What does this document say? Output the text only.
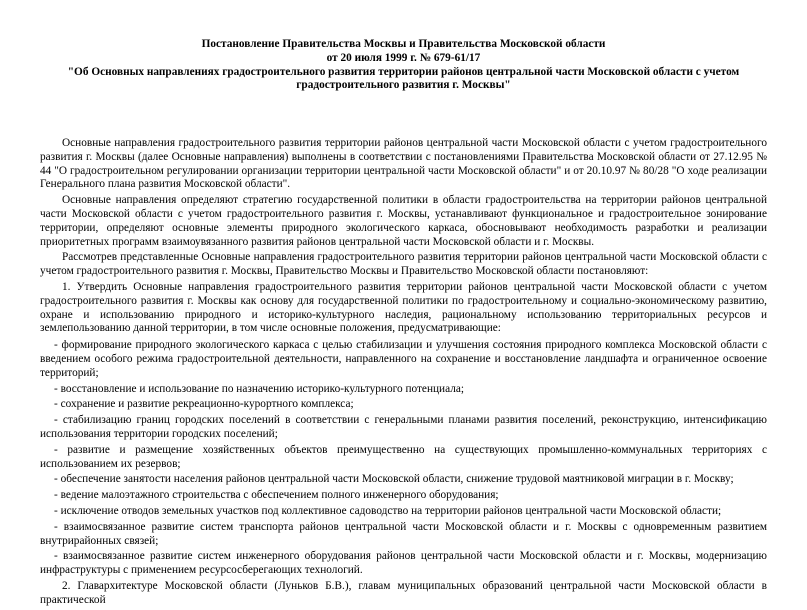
Постановление Правительства Москвы и Правительства Московской области
от 20 июля 1999 г. № 679-61/17
"Об Основных направлениях градостроительного развития территории районов центральной части Московской области с учетом
градостроительного развития г. Москвы"

Основные направления градостроительного развития территории районов центральной части Московской области с учетом градостроительного развития г. Москвы (далее Основные направления) выполнены в соответствии с постановлениями Правительства Московской области от 27.12.95 № 44 "О градостроительном регулировании организации территории центральной части Московской области" и от 20.10.97 № 80/28 "О ходе реализации Генерального плана развития Московской области".

Основные направления определяют стратегию государственной политики в области градостроительства на территории районов центральной части Московской области с учетом градостроительного развития г. Москвы, устанавливают функциональное и градостроительное зонирование территории, определяют основные элементы природного экологического каркаса, обосновывают необходимость разработки и реализации приоритетных программ взаимоувязанного развития районов центральной части Московской области и г. Москвы.

Рассмотрев представленные Основные направления градостроительного развития территории районов центральной части Московской области с учетом градостроительного развития г. Москвы, Правительство Москвы и Правительство Московской области постановляют:

1. Утвердить Основные направления градостроительного развития территории районов центральной части Московской области с учетом градостроительного развития г. Москвы как основу для государственной политики по градостроительному и социально-экономическому развитию, охране и использованию природного и историко-культурного наследия, рациональному использованию территориальных ресурсов и землепользованию данной территории, в том числе основные положения, предусматривающие:

- формирование природного экологического каркаса с целью стабилизации и улучшения состояния природного комплекса Московской области с введением особого режима градостроительной деятельности, направленного на сохранение и восстановление ландшафта и ограниченное освоение территорий;

- восстановление и использование по назначению историко-культурного потенциала;

- сохранение и развитие рекреационно-курортного комплекса;

- стабилизацию границ городских поселений в соответствии с генеральными планами развития поселений, реконструкцию, интенсификацию использования территории городских поселений;

- развитие и размещение хозяйственных объектов преимущественно на существующих промышленно-коммунальных территориях с использованием их резервов;

- обеспечение занятости населения районов центральной части Московской области, снижение трудовой маятниковой миграции в г. Москву;

- ведение малоэтажного строительства с обеспечением полного инженерного оборудования;

- исключение отводов земельных участков под коллективное садоводство на территории районов центральной части Московской области;

- взаимосвязанное развитие систем транспорта районов центральной части Московской области и г. Москвы с одновременным развитием внутрирайонных связей;

- взаимосвязанное развитие систем инженерного оборудования районов центральной части Московской области и г. Москвы, модернизацию инфраструктуры с применением ресурсосберегающих технологий.

2. Главархитектуре Московской области (Луньков Б.В.), главам муниципальных образований центральной части Московской области в практической
